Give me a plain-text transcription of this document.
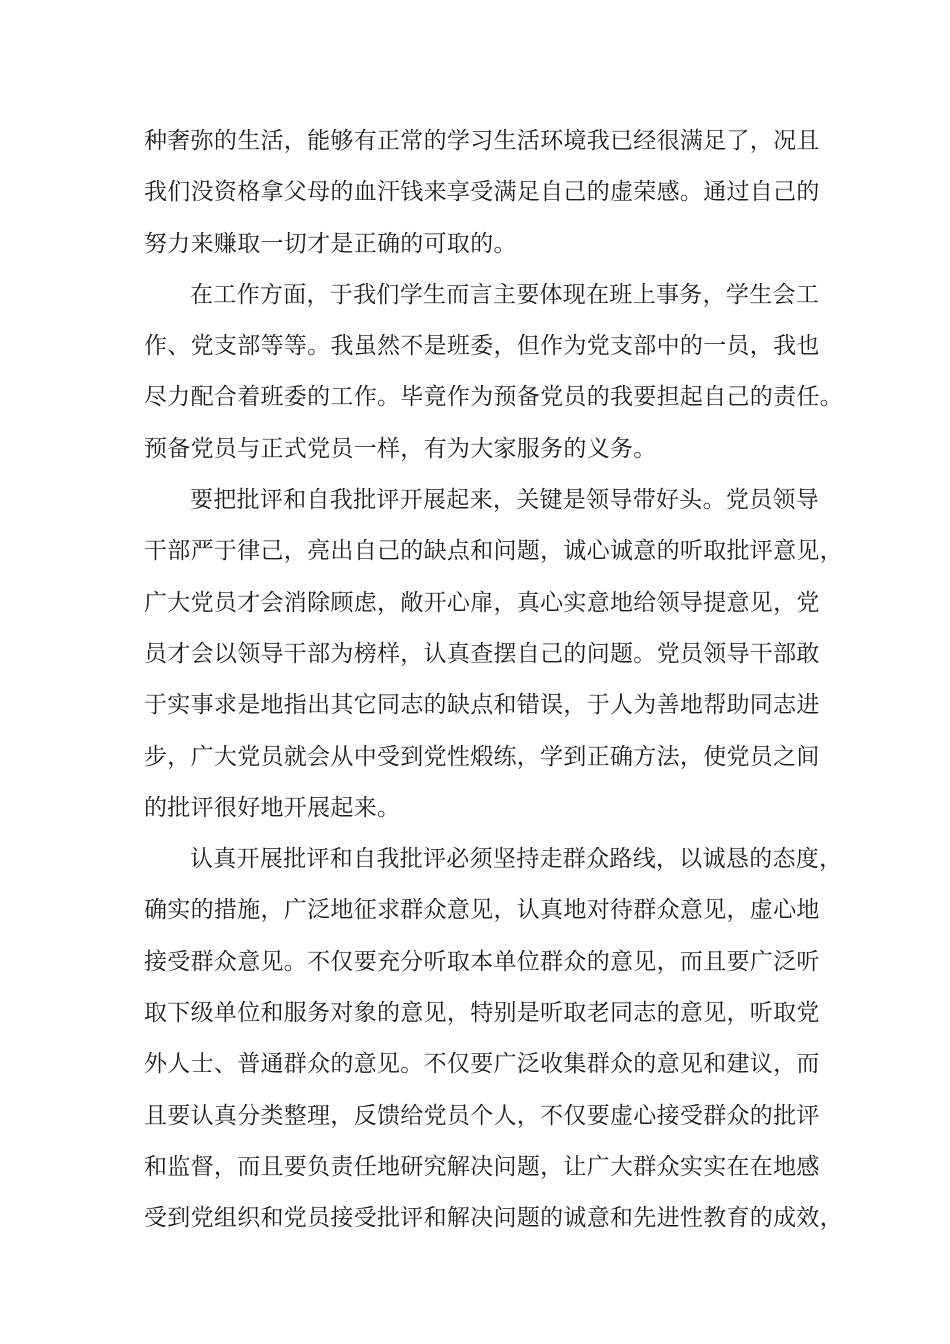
种奢弥的生活，能够有正常的学习生活环境我已经很满足了，况且
我们没资格拿父母的血汗钱来享受满足自己的虚荣感。通过自己的
努力来赚取一切才是正确的可取的。
在工作方面，于我们学生而言主要体现在班上事务，学生会工
作、党支部等等。我虽然不是班委，但作为党支部中的一员，我也
尽力配合着班委的工作。毕竟作为预备党员的我要担起自己的责任。
预备党员与正式党员一样，有为大家服务的义务。
要把批评和自我批评开展起来，关键是领导带好头。党员领导
干部严于律己，亮出自己的缺点和问题，诚心诚意的听取批评意见，
广大党员才会消除顾虑，敞开心扉，真心实意地给领导提意见，党
员才会以领导干部为榜样，认真查摆自己的问题。党员领导干部敢
于实事求是地指出其它同志的缺点和错误，于人为善地帮助同志进
步，广大党员就会从中受到党性煅练，学到正确方法，使党员之间
的批评很好地开展起来。
认真开展批评和自我批评必须坚持走群众路线，以诚恳的态度，
确实的措施，广泛地征求群众意见，认真地对待群众意见，虚心地
接受群众意见。不仅要充分听取本单位群众的意见，而且要广泛听
取下级单位和服务对象的意见，特别是听取老同志的意见，听取党
外人士、普通群众的意见。不仅要广泛收集群众的意见和建议，而
且要认真分类整理，反馈给党员个人，不仅要虚心接受群众的批评
和监督，而且要负责任地研究解决问题，让广大群众实实在在地感
受到党组织和党员接受批评和解决问题的诚意和先进性教育的成效，
